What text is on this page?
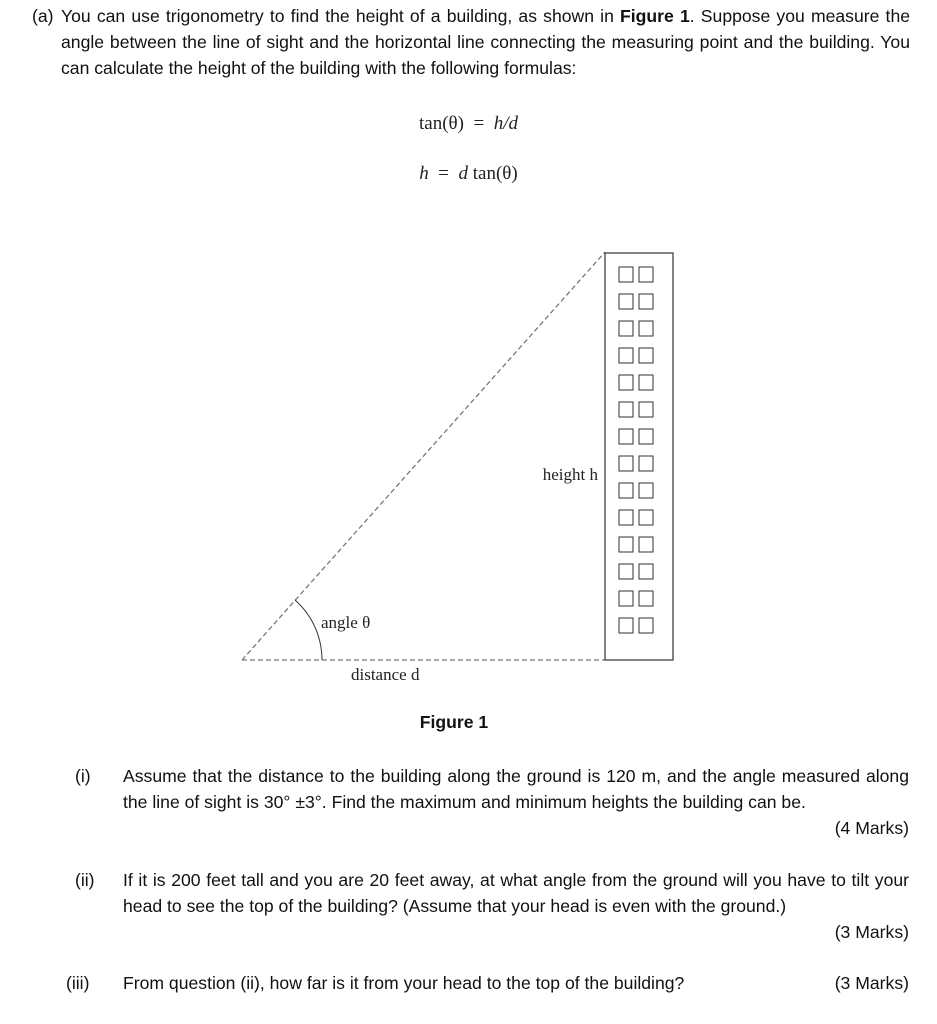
(a) You can use trigonometry to find the height of a building, as shown in Figure 1. Suppose you measure the angle between the line of sight and the horizontal line connecting the measuring point and the building. You can calculate the height of the building with the following formulas:
tan(θ) = h/d
h = d tan(θ)
angle θ
distance d
height h
Figure 1
(i) Assume that the distance to the building along the ground is 120 m, and the angle measured along the line of sight is 30° ±3°. Find the maximum and minimum heights the building can be.
(4 Marks)
(ii) If it is 200 feet tall and you are 20 feet away, at what angle from the ground will you have to tilt your head to see the top of the building? (Assume that your head is even with the ground.)
(3 Marks)
(iii) From question (ii), how far is it from your head to the top of the building?	(3 Marks)
